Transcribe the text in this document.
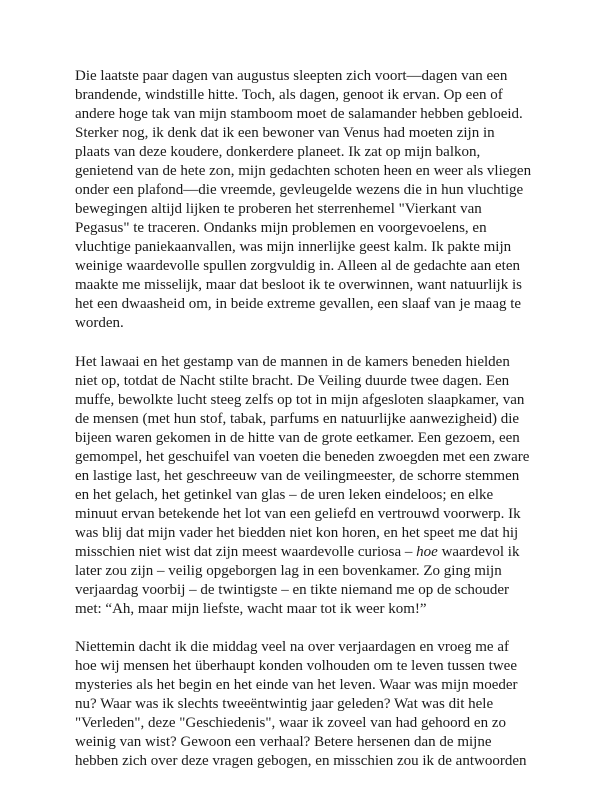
Die laatste paar dagen van augustus sleepten zich voort—dagen van een
brandende, windstille hitte. Toch, als dagen, genoot ik ervan. Op een of
andere hoge tak van mijn stamboom moet de salamander hebben gebloeid.
Sterker nog, ik denk dat ik een bewoner van Venus had moeten zijn in
plaats van deze koudere, donkerdere planeet. Ik zat op mijn balkon,
genietend van de hete zon, mijn gedachten schoten heen en weer als vliegen
onder een plafond—die vreemde, gevleugelde wezens die in hun vluchtige
bewegingen altijd lijken te proberen het sterrenhemel "Vierkant van
Pegasus" te traceren. Ondanks mijn problemen en voorgevoelens, en
vluchtige paniekaanvallen, was mijn innerlijke geest kalm. Ik pakte mijn
weinige waardevolle spullen zorgvuldig in. Alleen al de gedachte aan eten
maakte me misselijk, maar dat besloot ik te overwinnen, want natuurlijk is
het een dwaasheid om, in beide extreme gevallen, een slaaf van je maag te
worden.

Het lawaai en het gestamp van de mannen in de kamers beneden hielden
niet op, totdat de Nacht stilte bracht. De Veiling duurde twee dagen. Een
muffe, bewolkte lucht steeg zelfs op tot in mijn afgesloten slaapkamer, van
de mensen (met hun stof, tabak, parfums en natuurlijke aanwezigheid) die
bijeen waren gekomen in de hitte van de grote eetkamer. Een gezoem, een
gemompel, het geschuifel van voeten die beneden zwoegden met een zware
en lastige last, het geschreeuw van de veilingmeester, de schorre stemmen
en het gelach, het getinkel van glas – de uren leken eindeloos; en elke
minuut ervan betekende het lot van een geliefd en vertrouwd voorwerp. Ik
was blij dat mijn vader het biedden niet kon horen, en het speet me dat hij
misschien niet wist dat zijn meest waardevolle curiosa – hoe waardevol ik
later zou zijn – veilig opgeborgen lag in een bovenkamer. Zo ging mijn
verjaardag voorbij – de twintigste – en tikte niemand me op de schouder
met: “Ah, maar mijn liefste, wacht maar tot ik weer kom!”

Niettemin dacht ik die middag veel na over verjaardagen en vroeg me af
hoe wij mensen het überhaupt konden volhouden om te leven tussen twee
mysteries als het begin en het einde van het leven. Waar was mijn moeder
nu? Waar was ik slechts tweeëntwintig jaar geleden? Wat was dit hele
"Verleden", deze "Geschiedenis", waar ik zoveel van had gehoord en zo
weinig van wist? Gewoon een verhaal? Betere hersenen dan de mijne
hebben zich over deze vragen gebogen, en misschien zou ik de antwoorden
